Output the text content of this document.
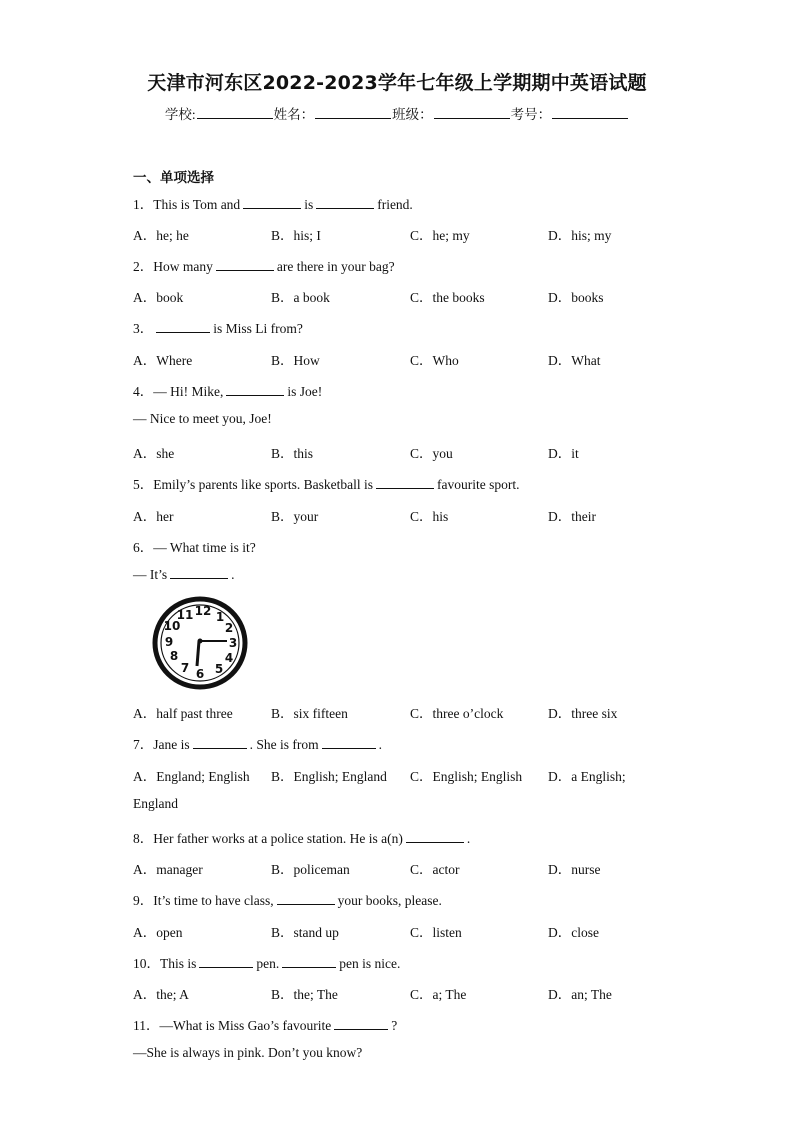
天津市河东区2022-2023学年七年级上学期期中英语试题
学校:	姓名：	班级：	考号：
一、单项选择
1．This is Tom and	is	friend.
A．he; he	B．his; I	C．he; my	D．his; my
2．How many	are there in your bag?
A．book	B．a book	C．the books	D．books
3．	is Miss Li from?
A．Where	B．How	C．Who	D．What
4．— Hi! Mike,	is Joe!
— Nice to meet you, Joe!
A．she	B．this	C．you	D．it
5．Emily’s parents like sports. Basketball is	favourite sport.
A．her	B．your	C．his	D．their
6．— What time is it?
— It’s	.
12 1
2
3
4
5
6
7
8
9
10
11
A．half past three	B．six fifteen	C．three o’clock	D．three six
7．Jane is	. She is from	.
A．England; English B．English; England C．English; English D．a English;
England
8．Her father works at a police station. He is a(n)	.
A．manager	B．policeman	C．actor	D．nurse
9．It’s time to have class,	your books, please.
A．open	B．stand up	C．listen	D．close
10．This is	pen.	pen is nice.
A．the; A	B．the; The	C．a; The	D．an; The
11．—What is Miss Gao’s favourite	?
—She is always in pink. Don’t you know?
